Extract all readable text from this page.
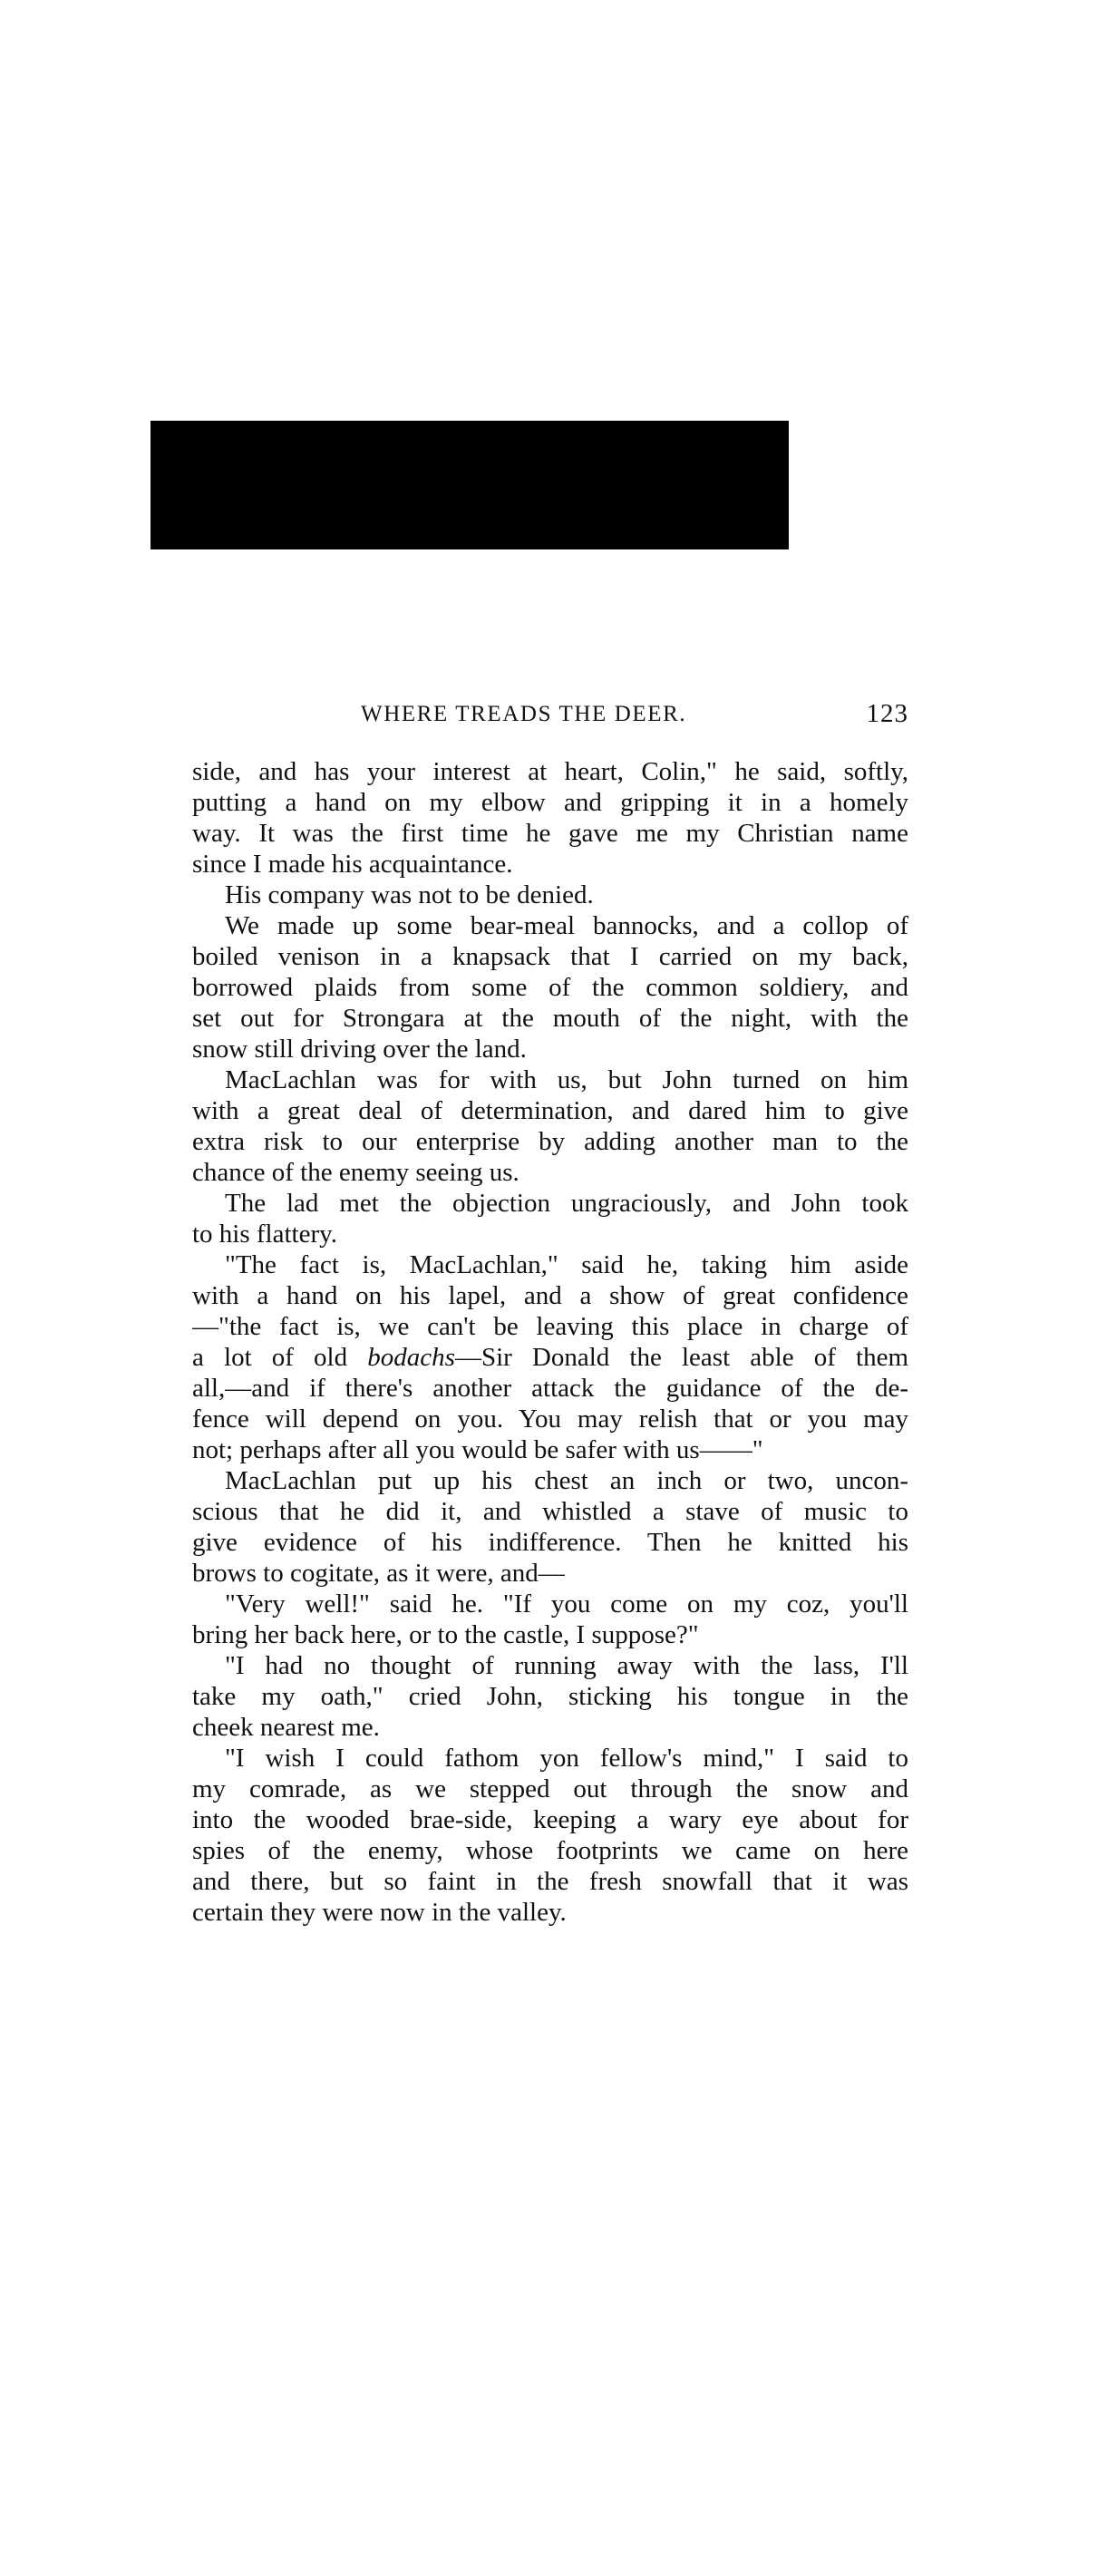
WHERE TREADS THE DEER.	123
side, and has your interest at heart, Colin," he said, softly,
putting a hand on my elbow and gripping it in a homely
way. It was the first time he gave me my Christian name
since I made his acquaintance.
His company was not to be denied.
We made up some bear-meal bannocks, and a collop of
boiled venison in a knapsack that I carried on my back,
borrowed plaids from some of the common soldiery, and
set out for Strongara at the mouth of the night, with the
snow still driving over the land.
MacLachlan was for with us, but John turned on him
with a great deal of determination, and dared him to give
extra risk to our enterprise by adding another man to the
chance of the enemy seeing us.
The lad met the objection ungraciously, and John took
to his flattery.
"The fact is, MacLachlan," said he, taking him aside
with a hand on his lapel, and a show of great confidence
—"the fact is, we can't be leaving this place in charge of
a lot of old bodachs—Sir Donald the least able of them
all,—and if there's another attack the guidance of the de-
fence will depend on you. You may relish that or you may
not; perhaps after all you would be safer with us——"
MacLachlan put up his chest an inch or two, uncon-
scious that he did it, and whistled a stave of music to
give evidence of his indifference. Then he knitted his
brows to cogitate, as it were, and—
"Very well!" said he. "If you come on my coz, you'll
bring her back here, or to the castle, I suppose?"
"I had no thought of running away with the lass, I'll
take my oath," cried John, sticking his tongue in the
cheek nearest me.
"I wish I could fathom yon fellow's mind," I said to
my comrade, as we stepped out through the snow and
into the wooded brae-side, keeping a wary eye about for
spies of the enemy, whose footprints we came on here
and there, but so faint in the fresh snowfall that it was
certain they were now in the valley.
